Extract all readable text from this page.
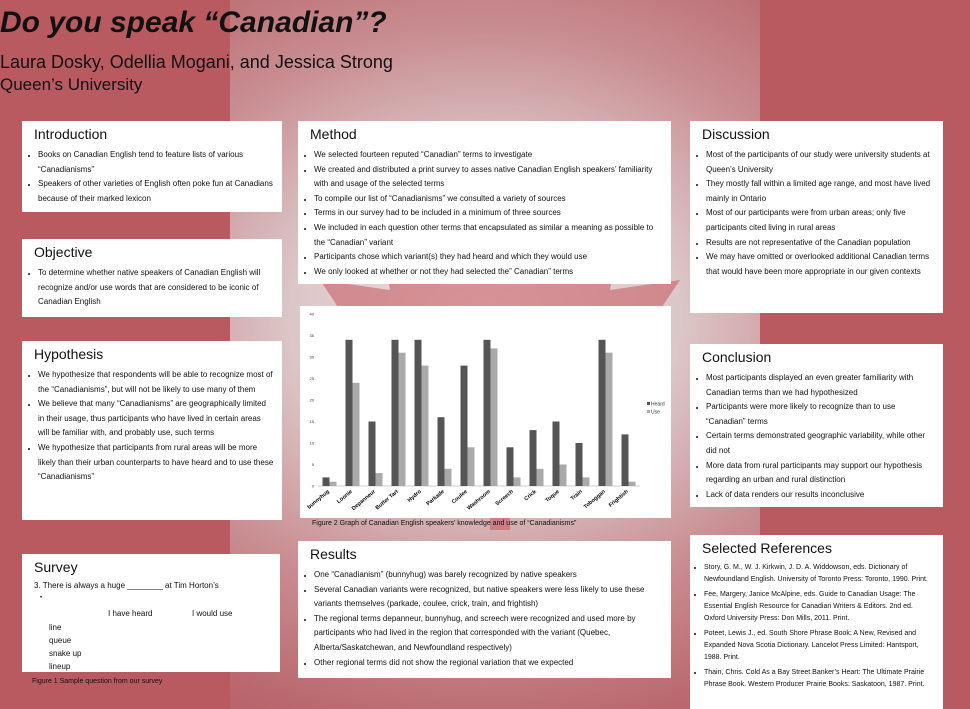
Do you speak “Canadian”?
Laura Dosky, Odellia Mogani, and Jessica Strong
Queen’s University
Introduction
• Books on Canadian English tend to feature lists of various “Canadianisms”
• Speakers of other varieties of English often poke fun at Canadians because of their marked lexicon
Objective
• To determine whether native speakers of Canadian English will recognize and/or use words that are considered to be iconic of Canadian English
Hypothesis
• We hypothesize that respondents will be able to recognize most of the “Canadianisms”, but will not be likely to use many of them
• We believe that many “Canadianisms” are geographically limited in their usage, thus participants who have lived in certain areas will be familiar with, and probably use, such terms
• We hypothesize that participants from rural areas will be more likely than their urban counterparts to have heard and to use these “Canadianisms”
Survey
3. There is always a huge ________ at Tim Horton’s
•
I have heard	I would use
line
queue
snake up
lineup
Figure 1 Sample question from our survey
Method
• We selected fourteen reputed “Canadian” terms to investigate
• We created and distributed a print survey to asses native Canadian English speakers’ familiarity with and usage of the selected terms
• To compile our list of “Canadianisms” we consulted a variety of sources
• Terms in our survey had to be included in a minimum of three sources
• We included in each question other terms that encapsulated as similar a meaning as possible to the “Canadian” variant
• Participants chose which variant(s) they had heard and which they would use
• We only looked at whether or not they had selected the” Canadian” terms
0
5
10
15
20
25
30
35
40
bunnyhug Loonie
Depanneur
Butter Tart Hydro Parkade Coulee
Washroom Screech Crick Toque Train Toboggan Frightish
Heard
Use
Figure 2 Graph of Canadian English speakers’ knowledge and use of “Canadianisms”
Results
• One “Canadianism” (bunnyhug) was barely recognized by native speakers
• Several Canadian variants were recognized, but native speakers were less likely to use these variants themselves (parkade, coulee, crick, train, and frightish)
• The regional terms depanneur, bunnyhug, and screech were recognized and used more by participants who had lived in the region that corresponded with the variant (Quebec, Alberta/Saskatchewan, and Newfoundland respectively)
• Other regional terms did not show the regional variation that we expected
Discussion
• Most of the participants of our study were university students at Queen’s University
• They mostly fall within a limited age range, and most have lived mainly in Ontario
• Most of our participants were from urban areas; only five participants cited living in rural areas
• Results are not representative of the Canadian population
• We may have omitted or overlooked additional Canadian terms that would have been more appropriate in our given contexts
Conclusion
• Most participants displayed an even greater familiarity with Canadian terms than we had hypothesized
• Participants were more likely to recognize than to use “Canadian” terms
• Certain terms demonstrated geographic variability, while other did not
• More data from rural participants may support our hypothesis regarding an urban and rural distinction
• Lack of data renders our results inconclusive
Selected References
• Story, G. M., W. J. Kirkwin, J. D. A. Widdowson, eds. Dictionary of Newfoundland English. University of Toronto Press: Toronto, 1990. Print.
• Fee, Margery, Janice McAlpine, eds. Guide to Canadian Usage: The Essential English Resource for Canadian Writers & Editors. 2nd ed. Oxford University Press: Don Mills, 2011. Print.
• Poteet, Lewis J., ed. South Shore Phrase Book: A New, Revised and Expanded Nova Scotia Dictionary. Lancelot Press Limited: Hantsport, 1988. Print.
• Thain, Chris. Cold As a Bay Street Banker’s Heart: The Ultimate Prairie Phrase Book. Western Producer Prairie Books: Saskatoon, 1987. Print.
